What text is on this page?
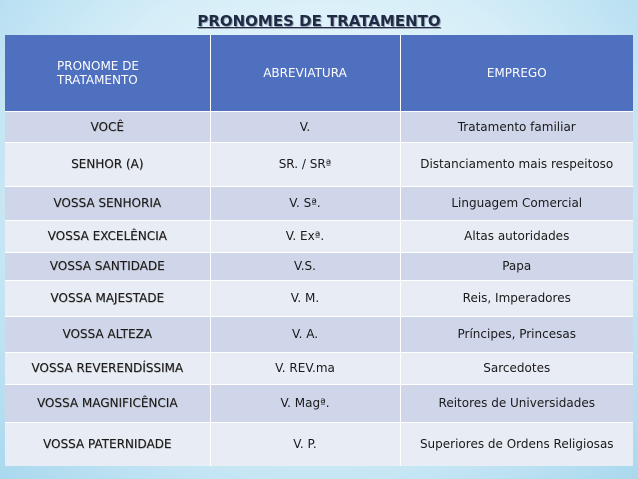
PRONOMES DE TRATAMENTO
PRONOME DE TRATAMENTO	ABREVIATURA	EMPREGO
VOCÊ	V.	Tratamento familiar
SENHOR (A)	SR. / SRª	Distanciamento mais respeitoso
VOSSA SENHORIA	V. Sª.	Linguagem Comercial
VOSSA EXCELÊNCIA	V. Exª.	Altas autoridades
VOSSA SANTIDADE	V.S.	Papa
VOSSA MAJESTADE	V. M.	Reis, Imperadores
VOSSA ALTEZA	V. A.	Príncipes, Princesas
VOSSA REVERENDÍSSIMA	V. REV.ma	Sarcedotes
VOSSA MAGNIFICÊNCIA	V. Magª.	Reitores de Universidades
VOSSA PATERNIDADE	V. P.	Superiores de Ordens Religiosas
